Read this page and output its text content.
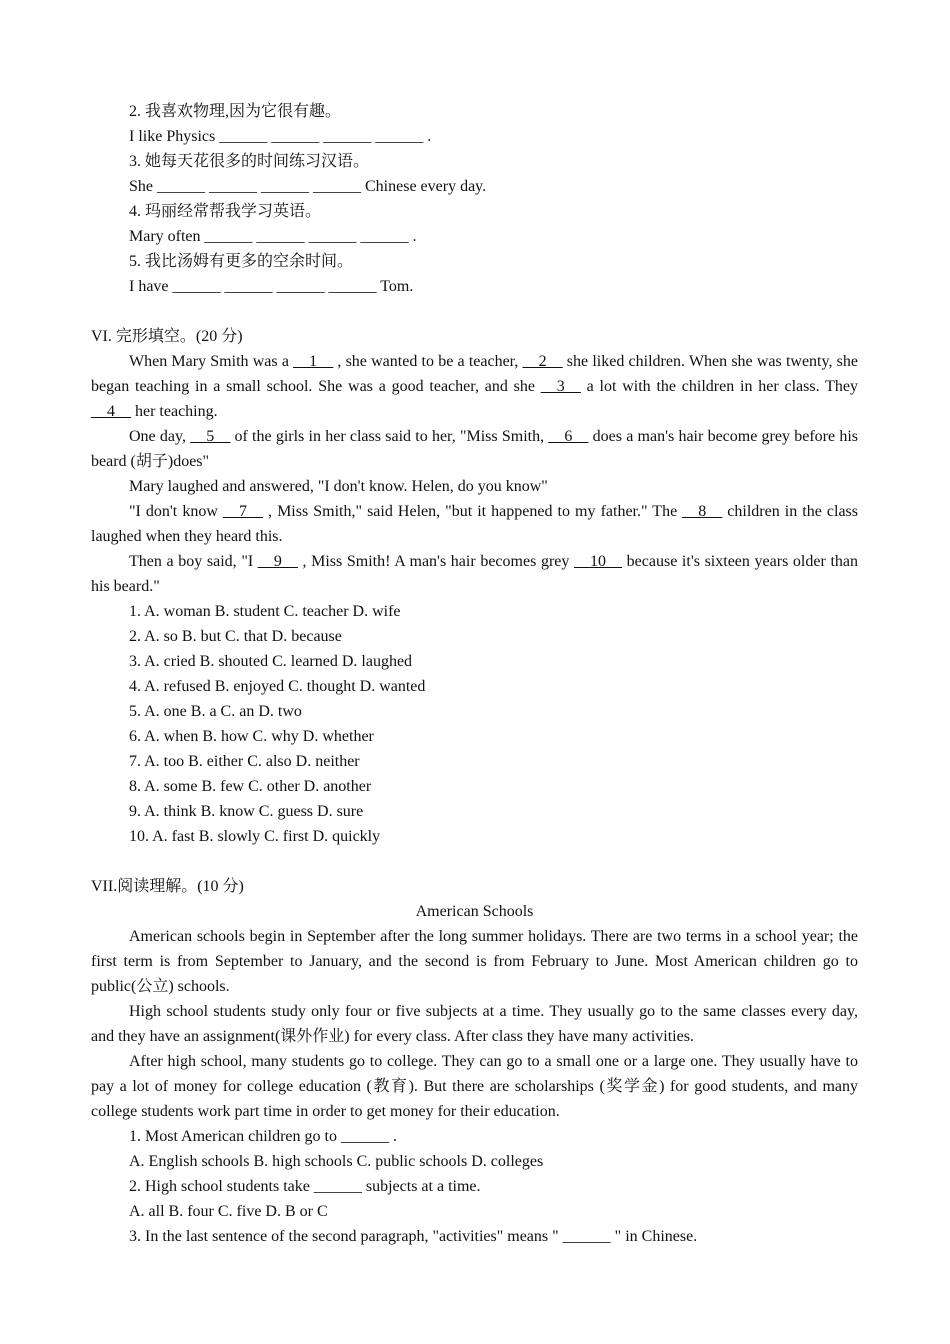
2. 我喜欢物理,因为它很有趣。
I like Physics ______ ______ ______ ______ .
3. 她每天花很多的时间练习汉语。
She ______ ______ ______ ______ Chinese every day.
4. 玛丽经常帮我学习英语。
Mary often ______ ______ ______ ______ .
5. 我比汤姆有更多的空余时间。
I have ______ ______ ______ ______ Tom.
VI. 完形填空。(20 分)
When Mary Smith was a __1__ , she wanted to be a teacher, __2__ she liked children. When she was twenty, she began teaching in a small school. She was a good teacher, and she __3__ a lot with the children in her class. They __4__ her teaching.
One day, __5__ of the girls in her class said to her, "Miss Smith, __6__ does a man's hair become grey before his beard (胡子)does"
Mary laughed and answered, "I don't know. Helen, do you know"
"I don't know __7__ , Miss Smith," said Helen, "but it happened to my father." The __8__ children in the class laughed when they heard this.
Then a boy said, "I __9__ , Miss Smith! A man's hair becomes grey __10__ because it's sixteen years older than his beard."
1. A. woman B. student C. teacher D. wife
2. A. so B. but C. that D. because
3. A. cried B. shouted C. learned D. laughed
4. A. refused B. enjoyed C. thought D. wanted
5. A. one B. a C. an D. two
6. A. when B. how C. why D. whether
7. A. too B. either C. also D. neither
8. A. some B. few C. other D. another
9. A. think B. know C. guess D. sure
10. A. fast B. slowly C. first D. quickly
VII.阅读理解。(10 分)
American Schools
American schools begin in September after the long summer holidays. There are two terms in a school year; the first term is from September to January, and the second is from February to June. Most American children go to public(公立) schools.
High school students study only four or five subjects at a time. They usually go to the same classes every day, and they have an assignment(课外作业) for every class. After class they have many activities.
After high school, many students go to college. They can go to a small one or a large one. They usually have to pay a lot of money for college education (教育). But there are scholarships (奖学金) for good students, and many college students work part time in order to get money for their education.
1. Most American children go to ______ .
A. English schools B. high schools C. public schools D. colleges
2. High school students take ______ subjects at a time.
A. all B. four C. five D. B or C
3. In the last sentence of the second paragraph, "activities" means " ______ " in Chinese.
